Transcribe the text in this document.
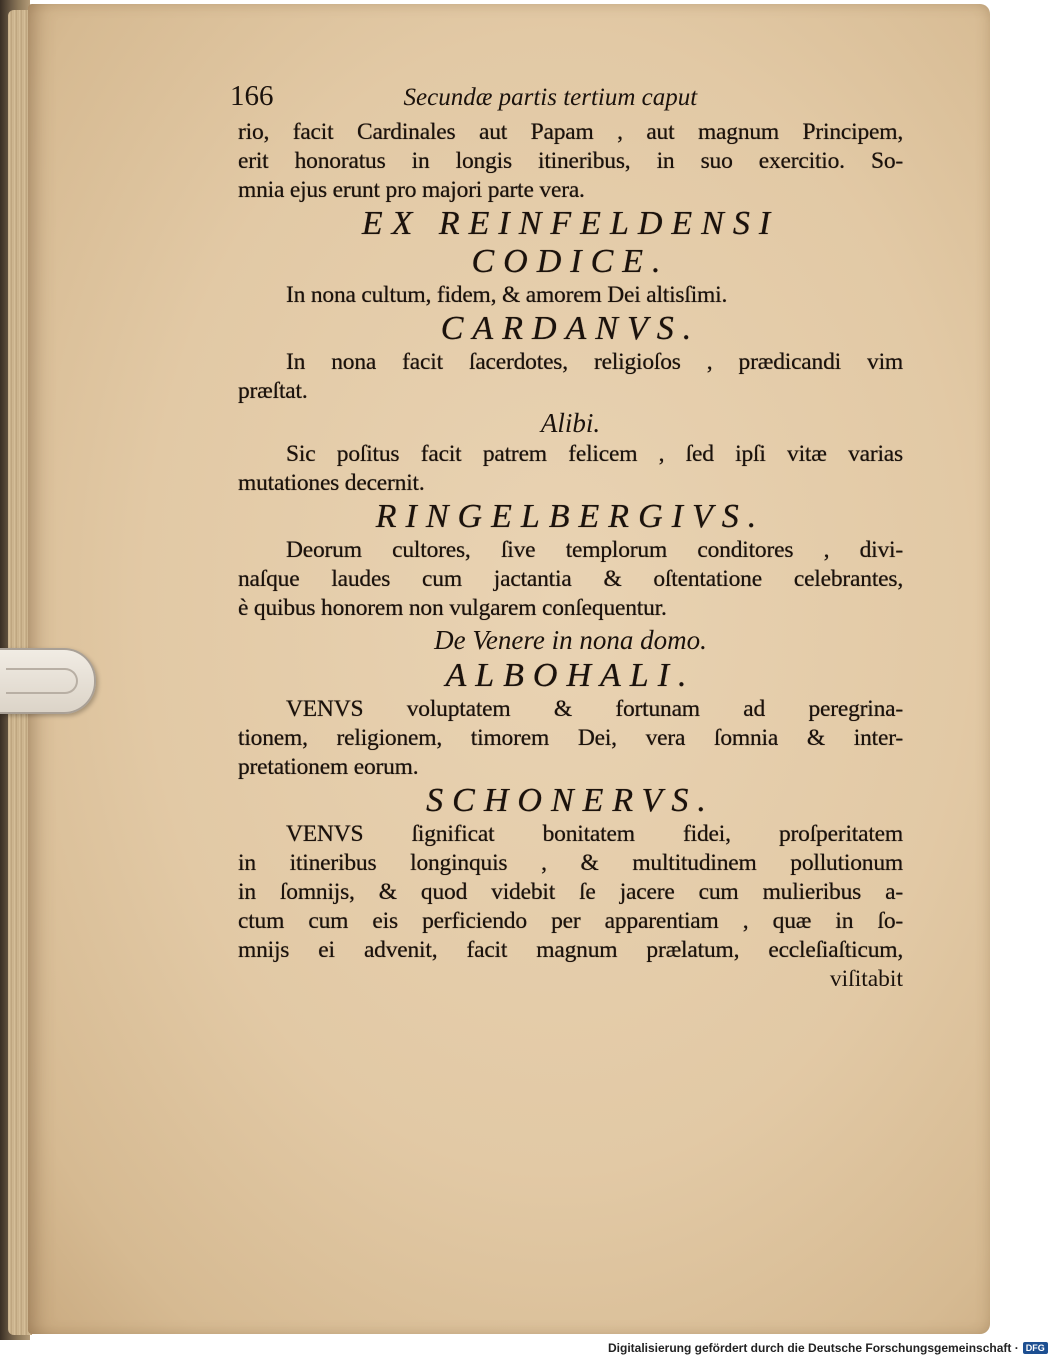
166	Secundæ partis tertium caput
rio, facit Cardinales aut Papam , aut magnum Principem,
erit honoratus in longis itineribus, in suo exercitio. So-
mnia ejus erunt pro majori parte vera.
EX REINFELDENSI
CODICE.
In nona cultum, fidem, & amorem Dei altisſimi.
CARDANVS.
In nona facit ſacerdotes, religioſos , prædicandi vim
præſtat.
Alibi.
Sic poſitus facit patrem felicem , ſed ipſi vitæ varias
mutationes decernit.
RINGELBERGIVS.
Deorum cultores, ſive templorum conditores , divi-
naſque laudes cum jactantia & oſtentatione celebrantes,
è quibus honorem non vulgarem conſequentur.
De Venere in nona domo.
ALBOHALI.
VENVS voluptatem & fortunam ad peregrina-
tionem, religionem, timorem Dei, vera ſomnia & inter-
pretationem eorum.
SCHONERVS.
VENVS ſignificat bonitatem fidei, proſperitatem
in itineribus longinquis , & multitudinem pollutionum
in ſomnijs, & quod videbit ſe jacere cum mulieribus a-
ctum cum eis perficiendo per apparentiam , quæ in ſo-
mnijs ei advenit, facit magnum prælatum, eccleſiaſticum,
viſitabit
Digitalisierung gefördert durch die Deutsche Forschungsgemeinschaft · DFG
